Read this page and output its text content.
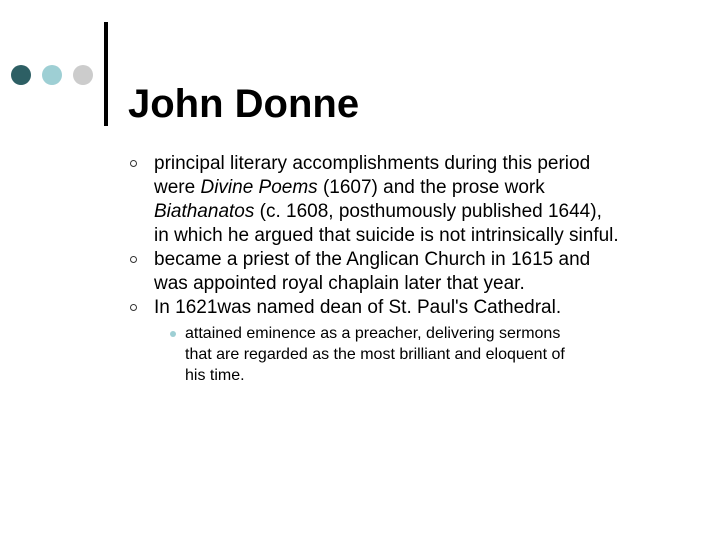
John Donne
principal literary accomplishments during this period
were Divine Poems (1607) and the prose work
Biathanatos (c. 1608, posthumously published 1644),
in which he argued that suicide is not intrinsically sinful.
became a priest of the Anglican Church in 1615 and
was appointed royal chaplain later that year.
In 1621was named dean of St. Paul's Cathedral.
attained eminence as a preacher, delivering sermons
that are regarded as the most brilliant and eloquent of
his time.
